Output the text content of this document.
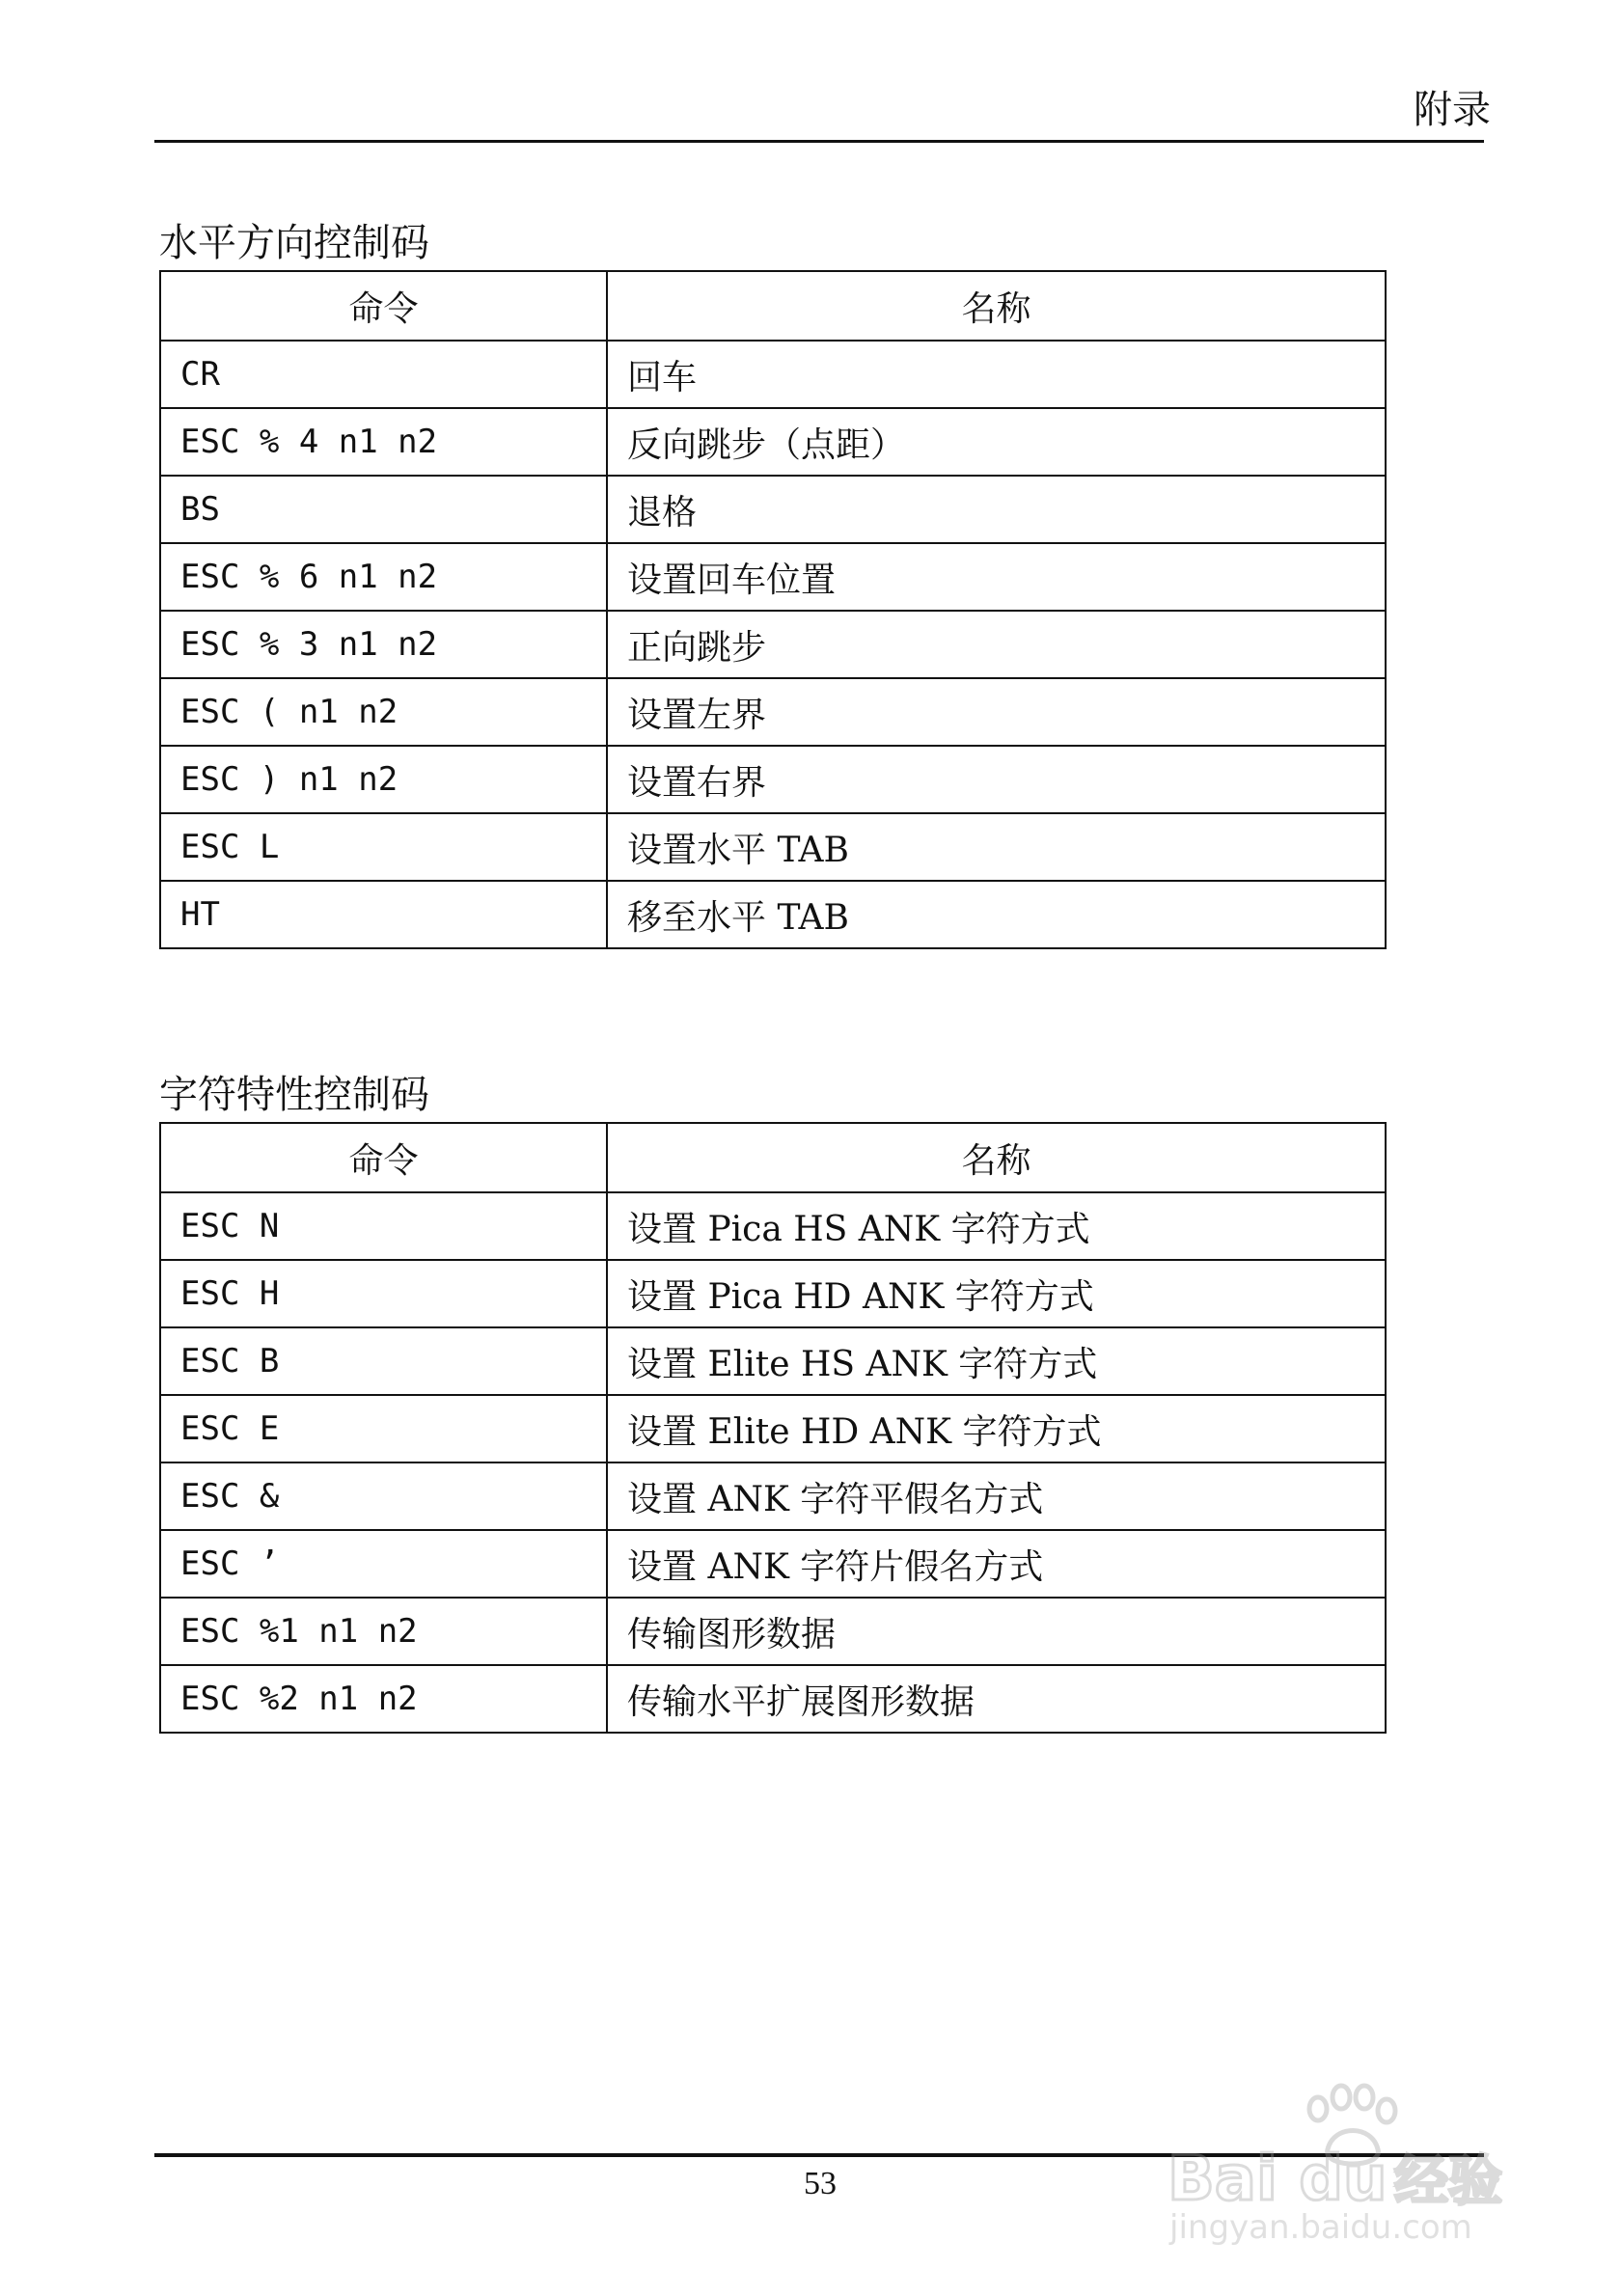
附录
水平方向控制码
命令	名称
CR	回车
ESC % 4 n1 n2	反向跳步（点距）
BS	退格
ESC % 6 n1 n2	设置回车位置
ESC % 3 n1 n2	正向跳步
ESC ( n1 n2	设置左界
ESC ) n1 n2	设置右界
ESC L	设置水平 TAB
HT	移至水平 TAB
字符特性控制码
命令	名称
ESC N	设置 Pica HS ANK 字符方式
ESC H	设置 Pica HD ANK 字符方式
ESC B	设置 Elite HS ANK 字符方式
ESC E	设置 Elite HD ANK 字符方式
ESC &	设置 ANK 字符平假名方式
ESC ’	设置 ANK 字符片假名方式
ESC %1 n1 n2	传输图形数据
ESC %2 n1 n2	传输水平扩展图形数据
53	Bai du 经验
jingyan.baidu.com
